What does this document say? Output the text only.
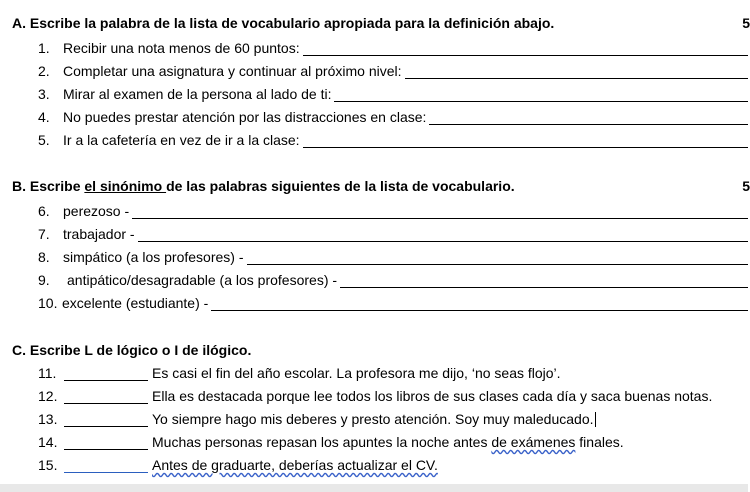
A. Escribe la palabra de la lista de vocabulario apropiada para la definición abajo.	5
1. Recibir una nota menos de 60 puntos:
2. Completar una asignatura y continuar al próximo nivel:
3. Mirar al examen de la persona al lado de ti:
4. No puedes prestar atención por las distracciones en clase:
5. Ir a la cafetería en vez de ir a la clase:
B. Escribe el sinónimo de las palabras siguientes de la lista de vocabulario.	5
6. perezoso -
7. trabajador -
8. simpático (a los profesores) -
9.	antipático/desagradable (a los profesores) -
10. excelente (estudiante) -
C. Escribe L de lógico o I de ilógico.
11.	Es casi el fin del año escolar. La profesora me dijo, ‘no seas flojo’.
12.	Ella es destacada porque lee todos los libros de sus clases cada día y saca buenas notas.
13.	Yo siempre hago mis deberes y presto atención. Soy muy maleducado.
14.	Muchas personas repasan los apuntes la noche antes de exámenes finales.
15.	Antes de graduarte, deberías actualizar el CV.
